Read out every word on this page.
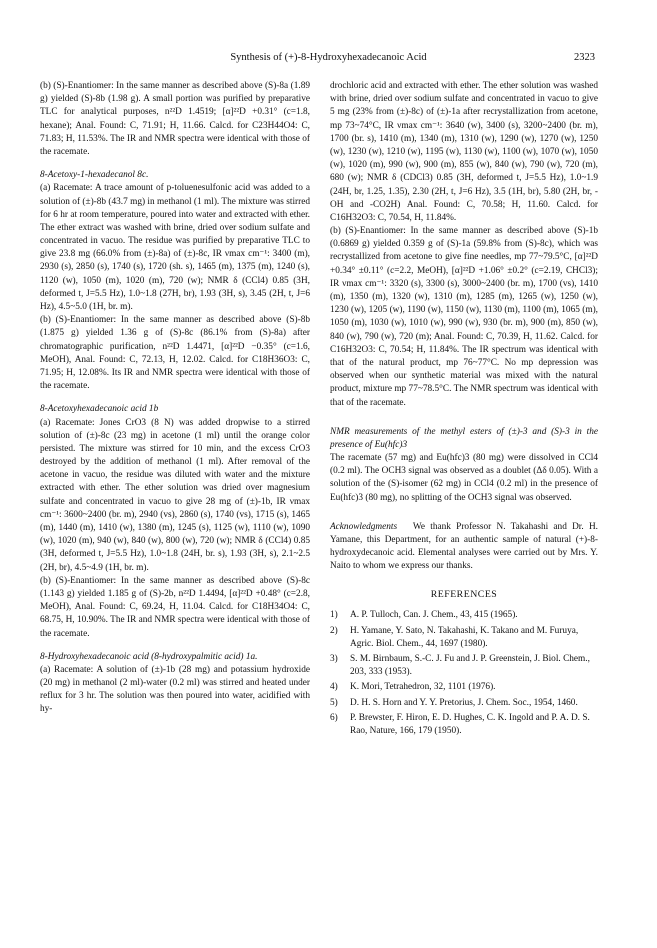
Synthesis of (+)-8-Hydroxyhexadecanoic Acid	2323

(b) (S)-Enantiomer: In the same manner as described above (S)-8a (1.89 g) yielded (S)-8b (1.98 g). A small portion was purified by preparative TLC for analytical purposes, n²²D 1.4519; [α]²²D +0.31° (c=1.8, hexane); Anal. Found: C, 71.91; H, 11.66. Calcd. for C23H44O4: C, 71.83; H, 11.53%. The IR and NMR spectra were identical with those of the racemate.

8-Acetoxy-1-hexadecanol 8c.

(a) Racemate: A trace amount of p-toluenesulfonic acid was added to a solution of (±)-8b (43.7 mg) in methanol (1 ml). The mixture was stirred for 6 hr at room temperature, poured into water and extracted with ether. The ether extract was washed with brine, dried over sodium sulfate and concentrated in vacuo. The residue was purified by preparative TLC to give 23.8 mg (66.0% from (±)-8a) of (±)-8c, IR νmax cm⁻¹: 3400 (m), 2930 (s), 2850 (s), 1740 (s), 1720 (sh. s), 1465 (m), 1375 (m), 1240 (s), 1120 (w), 1050 (m), 1020 (m), 720 (w); NMR δ (CCl4) 0.85 (3H, deformed t, J=5.5 Hz), 1.0~1.8 (27H, br), 1.93 (3H, s), 3.45 (2H, t, J=6 Hz), 4.5~5.0 (1H, br. m).

(b) (S)-Enantiomer: In the same manner as described above (S)-8b (1.875 g) yielded 1.36 g of (S)-8c (86.1% from (S)-8a) after chromatographic purification, n²²D 1.4471, [α]²²D −0.35° (c=1.6, MeOH), Anal. Found: C, 72.13, H, 12.02. Calcd. for C18H36O3: C, 71.95; H, 12.08%. Its IR and NMR spectra were identical with those of the racemate.

8-Acetoxyhexadecanoic acid 1b

(a) Racemate: Jones CrO3 (8 N) was added dropwise to a stirred solution of (±)-8c (23 mg) in acetone (1 ml) until the orange color persisted. The mixture was stirred for 10 min, and the excess CrO3 destroyed by the addition of methanol (1 ml). After removal of the acetone in vacuo, the residue was diluted with water and the mixture extracted with ether. The ether solution was dried over magnesium sulfate and concentrated in vacuo to give 28 mg of (±)-1b, IR νmax cm⁻¹: 3600~2400 (br. m), 2940 (vs), 2860 (s), 1740 (vs), 1715 (s), 1465 (m), 1440 (m), 1410 (w), 1380 (m), 1245 (s), 1125 (w), 1110 (w), 1090 (w), 1020 (m), 940 (w), 840 (w), 800 (w), 720 (w); NMR δ (CCl4) 0.85 (3H, deformed t, J=5.5 Hz), 1.0~1.8 (24H, br. s), 1.93 (3H, s), 2.1~2.5 (2H, br), 4.5~4.9 (1H, br. m).

(b) (S)-Enantiomer: In the same manner as described above (S)-8c (1.143 g) yielded 1.185 g of (S)-2b, n²²D 1.4494, [α]²²D +0.48° (c=2.8, MeOH), Anal. Found: C, 69.24, H, 11.04. Calcd. for C18H34O4: C, 68.75, H, 10.90%. The IR and NMR spectra were identical with those of the racemate.

8-Hydroxyhexadecanoic acid (8-hydroxypalmitic acid) 1a.

(a) Racemate: A solution of (±)-1b (28 mg) and potassium hydroxide (20 mg) in methanol (2 ml)-water (0.2 ml) was stirred and heated under reflux for 3 hr. The solution was then poured into water, acidified with hy-

drochloric acid and extracted with ether. The ether solution was washed with brine, dried over sodium sulfate and concentrated in vacuo to give 5 mg (23% from (±)-8c) of (±)-1a after recrystallization from acetone, mp 73~74°C, IR νmax cm⁻¹: 3640 (w), 3400 (s), 3200~2400 (br. m), 1700 (br. s), 1410 (m), 1340 (m), 1310 (w), 1290 (w), 1270 (w), 1250 (w), 1230 (w), 1210 (w), 1195 (w), 1130 (w), 1100 (w), 1070 (w), 1050 (w), 1020 (m), 990 (w), 900 (m), 855 (w), 840 (w), 790 (w), 720 (m), 680 (w); NMR δ (CDCl3) 0.85 (3H, deformed t, J=5.5 Hz), 1.0~1.9 (24H, br, 1.25, 1.35), 2.30 (2H, t, J=6 Hz), 3.5 (1H, br), 5.80 (2H, br, -OH and -CO2H) Anal. Found: C, 70.58; H, 11.60. Calcd. for C16H32O3: C, 70.54, H, 11.84%.

(b) (S)-Enantiomer: In the same manner as described above (S)-1b (0.6869 g) yielded 0.359 g of (S)-1a (59.8% from (S)-8c), which was recrystallized from acetone to give fine needles, mp 77~79.5°C, [α]²²D +0.34° ±0.11° (c=2.2, MeOH), [α]²²D +1.06° ±0.2° (c=2.19, CHCl3); IR νmax cm⁻¹: 3320 (s), 3300 (s), 3000~2400 (br. m), 1700 (vs), 1410 (m), 1350 (m), 1320 (w), 1310 (m), 1285 (m), 1265 (w), 1250 (w), 1230 (w), 1205 (w), 1190 (w), 1150 (w), 1130 (m), 1100 (m), 1065 (m), 1050 (m), 1030 (w), 1010 (w), 990 (w), 930 (br. m), 900 (m), 850 (w), 840 (w), 790 (w), 720 (m); Anal. Found: C, 70.39, H, 11.62. Calcd. for C16H32O3: C, 70.54; H, 11.84%. The IR spectrum was identical with that of the natural product, mp 76~77°C. No mp depression was observed when our synthetic material was mixed with the natural product, mixture mp 77~78.5°C. The NMR spectrum was identical with that of the racemate.

NMR measurements of the methyl esters of (±)-3 and (S)-3 in the presence of Eu(hfc)3

The racemate (57 mg) and Eu(hfc)3 (80 mg) were dissolved in CCl4 (0.2 ml). The OCH3 signal was observed as a doublet (Δδ 0.05). With a solution of the (S)-isomer (62 mg) in CCl4 (0.2 ml) in the presence of Eu(hfc)3 (80 mg), no splitting of the OCH3 signal was observed.

Acknowledgments We thank Professor N. Takahashi and Dr. H. Yamane, this Department, for an authentic sample of natural (+)-8-hydroxydecanoic acid. Elemental analyses were carried out by Mrs. Y. Naito to whom we express our thanks.

REFERENCES

1)	A. P. Tulloch, Can. J. Chem., 43, 415 (1965).

2)	H. Yamane, Y. Sato, N. Takahashi, K. Takano and M. Furuya, Agric. Biol. Chem., 44, 1697 (1980).

3)	S. M. Birnbaum, S.-C. J. Fu and J. P. Greenstein, J. Biol. Chem., 203, 333 (1953).

4)	K. Mori, Tetrahedron, 32, 1101 (1976).

5)	D. H. S. Horn and Y. Y. Pretorius, J. Chem. Soc., 1954, 1460.

6)	P. Brewster, F. Hiron, E. D. Hughes, C. K. Ingold and P. A. D. S. Rao, Nature, 166, 179 (1950).
